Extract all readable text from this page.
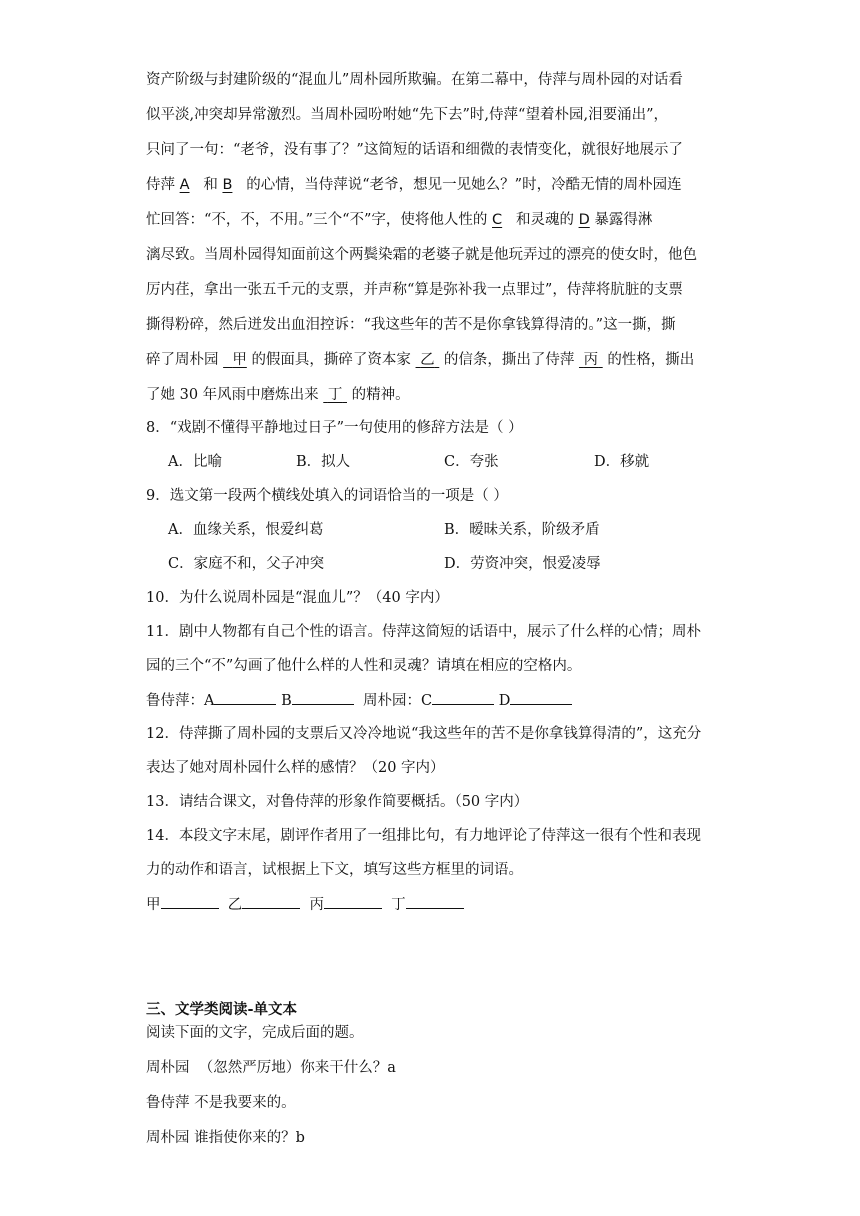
资产阶级与封建阶级的“混血儿”周朴园所欺骗。在第二幕中，侍萍与周朴园的对话看
似平淡,冲突却异常激烈。当周朴园吩咐她“先下去”时,侍萍“望着朴园,泪要涌出”，
只问了一句：“老爷，没有事了？”这简短的话语和细微的表情变化，就很好地展示了
侍萍 A 和 B 的心情，当侍萍说“老爷，想见一见她么？”时，冷酷无情的周朴园连
忙回答：“不，不，不用。”三个“不”字，使将他人性的 C 和灵魂的 D 暴露得淋
漓尽致。当周朴园得知面前这个两鬓染霜的老婆子就是他玩弄过的漂亮的使女时，他色
厉内荏，拿出一张五千元的支票，并声称“算是弥补我一点罪过”，侍萍将肮脏的支票
撕得粉碎，然后迸发出血泪控诉：“我这些年的苦不是你拿钱算得清的。”这一撕，撕
碎了周朴园 甲 的假面具，撕碎了资本家 乙 的信条，撕出了侍萍 丙 的性格，撕出
了她 30 年风雨中磨炼出来 丁 的精神。
8．“戏剧不懂得平静地过日子”一句使用的修辞方法是（ ）
A．比喻	B．拟人	C．夸张	D．移就
9．选文第一段两个横线处填入的词语恰当的一项是（ ）
A．血缘关系，恨爱纠葛	B．暧昧关系，阶级矛盾
C．家庭不和，父子冲突	D．劳资冲突，恨爱凌辱
10．为什么说周朴园是“混血儿”？（40 字内）
11．剧中人物都有自己个性的语言。侍萍这简短的话语中，展示了什么样的心情；周朴
园的三个“不”勾画了他什么样的人性和灵魂？请填在相应的空格内。
鲁侍萍：A	B	周朴园：C	D
12．侍萍撕了周朴园的支票后又冷冷地说“我这些年的苦不是你拿钱算得清的”，这充分
表达了她对周朴园什么样的感情？（20 字内）
13．请结合课文，对鲁侍萍的形象作简要概括。（50 字内）
14．本段文字末尾，剧评作者用了一组排比句，有力地评论了侍萍这一很有个性和表现
力的动作和语言，试根据上下文，填写这些方框里的词语。
甲	乙	丙	丁
三、文学类阅读-单文本
阅读下面的文字，完成后面的题。
周朴园 （忽然严厉地）你来干什么？a
鲁侍萍 不是我要来的。
周朴园 谁指使你来的？b
